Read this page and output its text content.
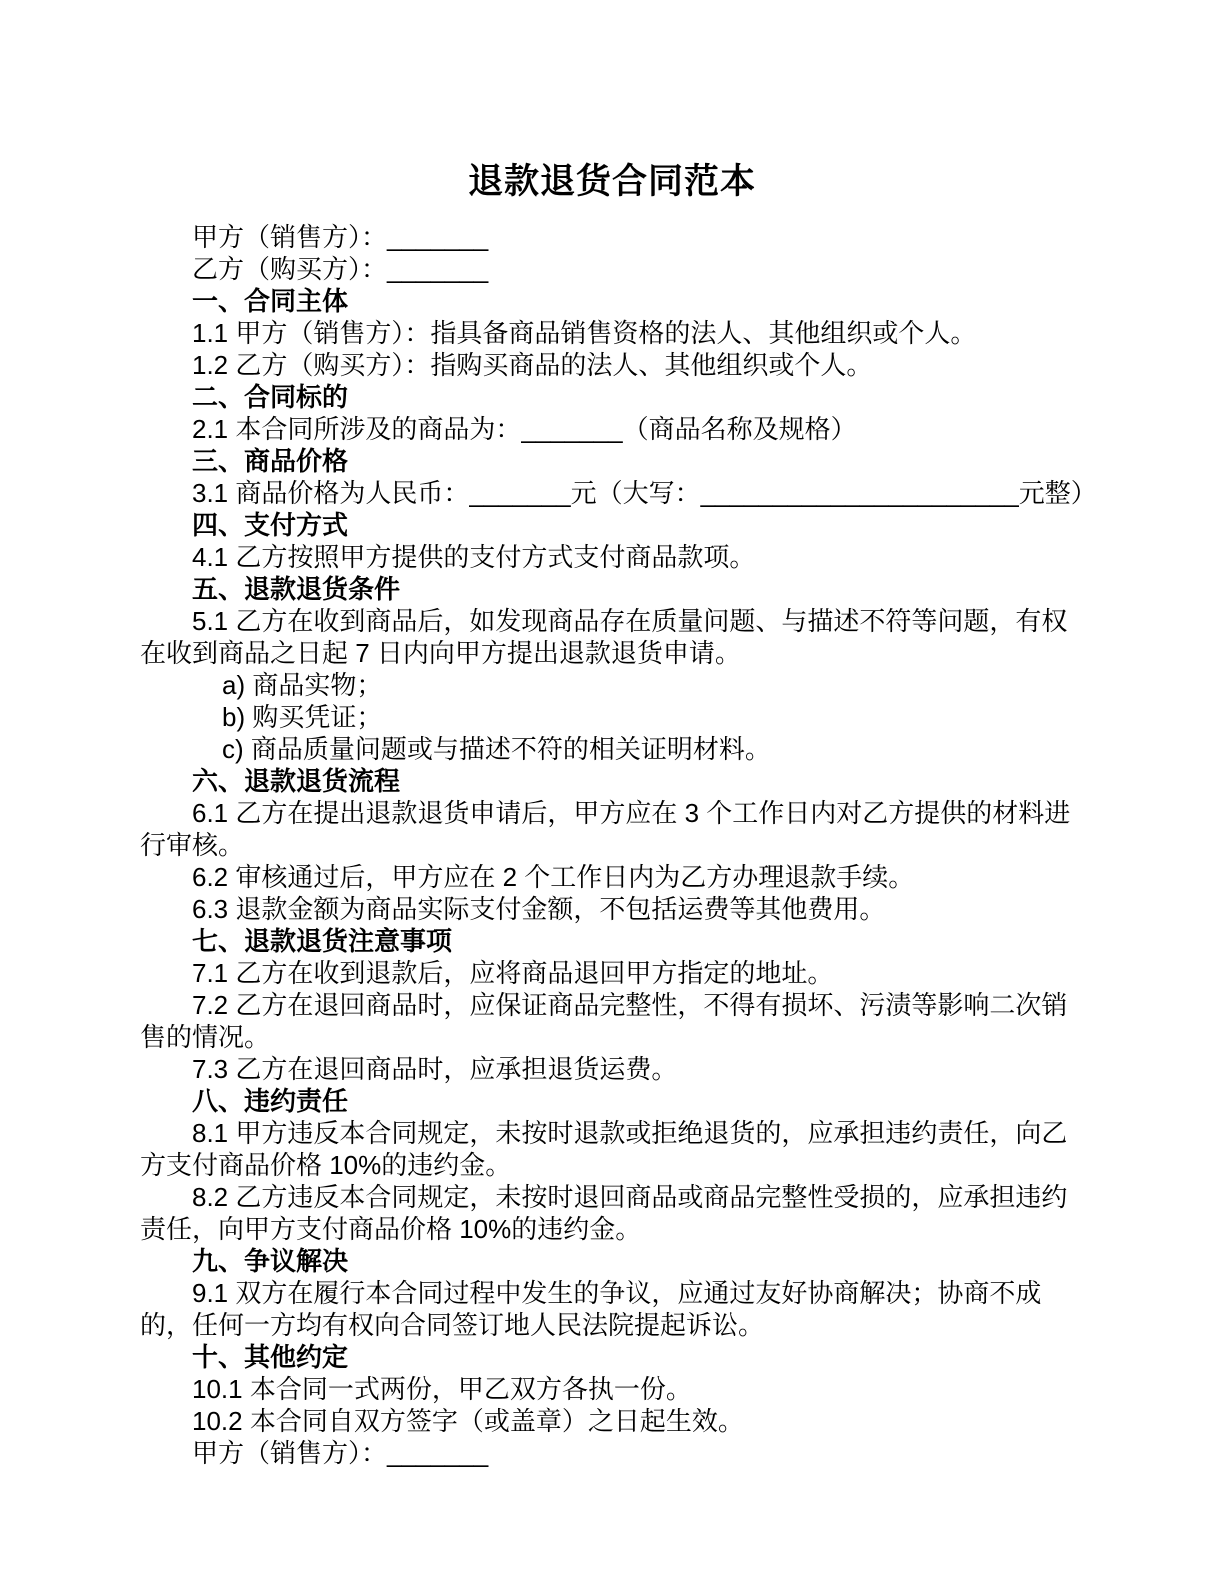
退款退货合同范本

甲方（销售方）：_______

乙方（购买方）：_______

一、合同主体

1.1 甲方（销售方）：指具备商品销售资格的法人、其他组织或个人。

1.2 乙方（购买方）：指购买商品的法人、其他组织或个人。

二、合同标的

2.1 本合同所涉及的商品为：_______（商品名称及规格）

三、商品价格

3.1 商品价格为人民币：_______元（大写：______________________元整）

四、支付方式

4.1 乙方按照甲方提供的支付方式支付商品款项。

五、退款退货条件

5.1 乙方在收到商品后，如发现商品存在质量问题、与描述不符等问题，有权在收到商品之日起 7 日内向甲方提出退款退货申请。

a) 商品实物；

b) 购买凭证；

c) 商品质量问题或与描述不符的相关证明材料。

六、退款退货流程

6.1 乙方在提出退款退货申请后，甲方应在 3 个工作日内对乙方提供的材料进行审核。

6.2 审核通过后，甲方应在 2 个工作日内为乙方办理退款手续。

6.3 退款金额为商品实际支付金额，不包括运费等其他费用。

七、退款退货注意事项

7.1 乙方在收到退款后，应将商品退回甲方指定的地址。

7.2 乙方在退回商品时，应保证商品完整性，不得有损坏、污渍等影响二次销售的情况。

7.3 乙方在退回商品时，应承担退货运费。

八、违约责任

8.1 甲方违反本合同规定，未按时退款或拒绝退货的，应承担违约责任，向乙方支付商品价格 10%的违约金。

8.2 乙方违反本合同规定，未按时退回商品或商品完整性受损的，应承担违约责任，向甲方支付商品价格 10%的违约金。

九、争议解决

9.1 双方在履行本合同过程中发生的争议，应通过友好协商解决；协商不成的，任何一方均有权向合同签订地人民法院提起诉讼。

十、其他约定

10.1 本合同一式两份，甲乙双方各执一份。

10.2 本合同自双方签字（或盖章）之日起生效。

甲方（销售方）：_______
